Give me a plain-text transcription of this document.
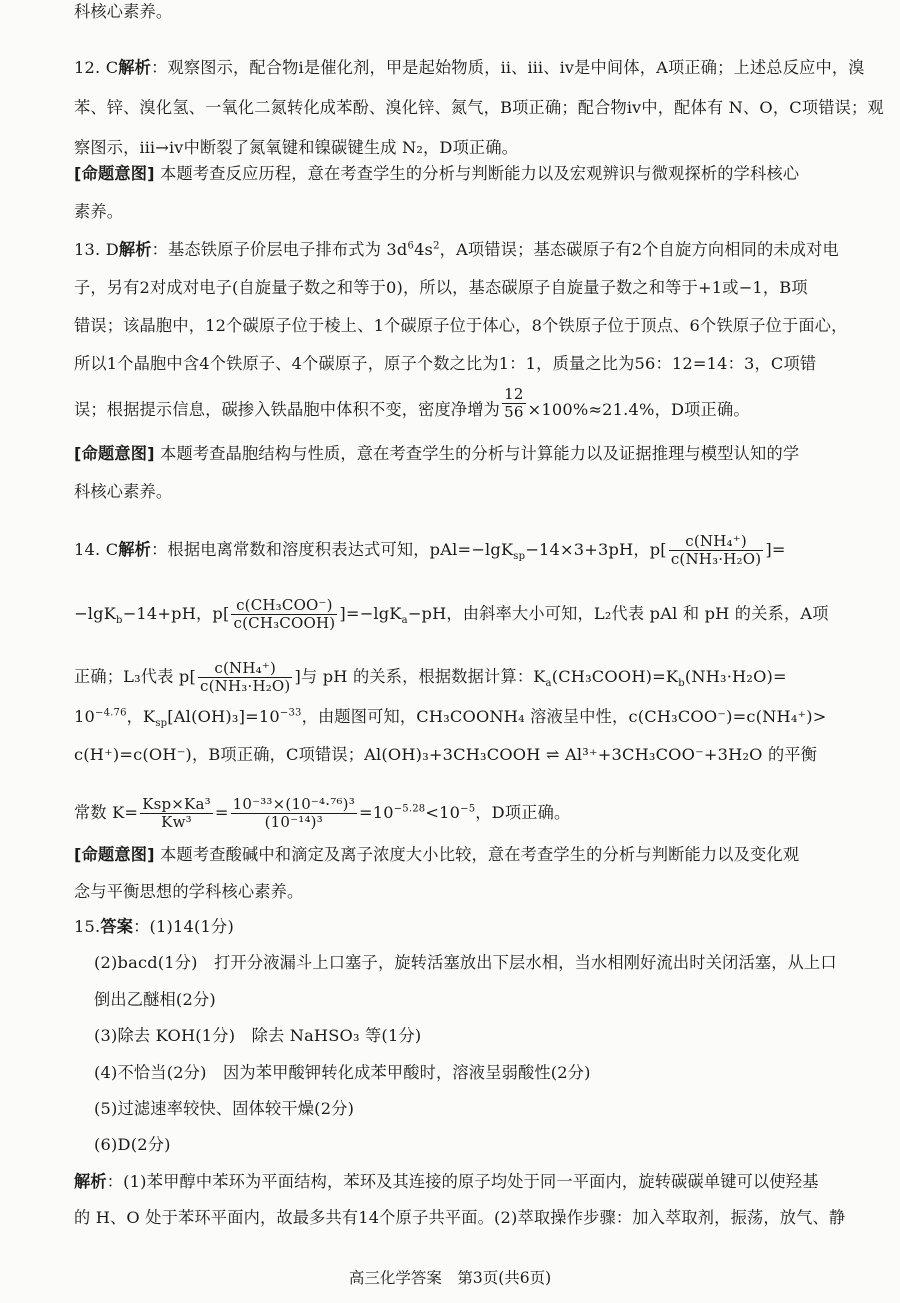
科核心素养。
12. C解析：观察图示，配合物ⅰ是催化剂，甲是起始物质，ⅱ、ⅲ、ⅳ是中间体，A项正确；上述总反应中，溴
苯、锌、溴化氢、一氧化二氮转化成苯酚、溴化锌、氮气，B项正确；配合物ⅳ中，配体有 N、O，C项错误；观
察图示，ⅲ→ⅳ中断裂了氮氧键和镍碳键生成 N₂，D项正确。
[命题意图] 本题考查反应历程，意在考查学生的分析与判断能力以及宏观辨识与微观探析的学科核心
素养。
13. D解析：基态铁原子价层电子排布式为 $3d^64s^2$，A项错误；基态碳原子有2个自旋方向相同的未成对电
子，另有2对成对电子(自旋量子数之和等于0)，所以，基态碳原子自旋量子数之和等于+1或−1，B项
错误；该晶胞中，12个碳原子位于棱上、1个碳原子位于体心，8个铁原子位于顶点、6个铁原子位于面心，
所以1个晶胞中含4个铁原子、4个碳原子，原子个数之比为1：1，质量之比为56：12=14：3，C项错
误；根据提示信息，碳掺入铁晶胞中体积不变，密度净增为 $\frac{12}{56} \times 100\%\approx 21.4\%$，D项正确。
[命题意图] 本题考查晶胞结构与性质，意在考查学生的分析与计算能力以及证据推理与模型认知的学
科核心素养。
14. C解析：根据电离常数和溶度积表达式可知，pAl=−lgK$_{sp}$−14×3+3pH，$p[ \frac{\text{c(NH₄⁺)}}{\text{c(NH₃·H₂O)}}$ ]=
−lgK$_b$−14+pH，$p[ \frac{\text{c(CH₃COO⁻)}}{\text{c(CH₃COOH)}} ]=-\lg K_a-pH$，由斜率大小可知，L₂代表 pAl 和 pH 的关系，A项
正确；L₃代表 $p[ \frac{\text{c(NH₄⁺)}}{\text{c(NH₃·H₂O)}}$ ]与 pH 的关系，根据数据计算：$K_a(CH_3COOH)=K_b(NH_3\cdot H_2O)=$
$10^{-4.76}$，$K_{sp}[Al(OH)_3]=10^{-33}$，由题图可知，CH₃COONH₄ 溶液呈中性，c(CH₃COO⁻)=c(NH₄⁺)>
c(H⁺)=c(OH⁻)，B项正确，C项错误；Al(OH)₃+3CH₃COOH ⇌ Al³⁺+3CH₃COO⁻+3H₂O 的平衡
常数 $K= \frac{\text{Ksp×Ka³}}{\text{Kw³}} = \frac{\text{10⁻³³×(10⁻⁴·⁷⁶)³}}{\text{(10⁻¹⁴)³}} =10^{-5.28}<10^{-5}$，D项正确。
[命题意图] 本题考查酸碱中和滴定及离子浓度大小比较，意在考查学生的分析与判断能力以及变化观
念与平衡思想的学科核心素养。
15.答案：(1)14(1分)
(2)bacd(1分)　打开分液漏斗上口塞子，旋转活塞放出下层水相，当水相刚好流出时关闭活塞，从上口
倒出乙醚相(2分)
(3)除去 KOH(1分)　除去 NaHSO₃ 等(1分)
(4)不恰当(2分)　因为苯甲酸钾转化成苯甲酸时，溶液呈弱酸性(2分)
(5)过滤速率较快、固体较干燥(2分)
(6)D(2分)
解析：(1)苯甲醇中苯环为平面结构，苯环及其连接的原子均处于同一平面内，旋转碳碳单键可以使羟基
的 H、O 处于苯环平面内，故最多共有14个原子共平面。(2)萃取操作步骤：加入萃取剂，振荡，放气、静
高三化学答案　第3页(共6页)
